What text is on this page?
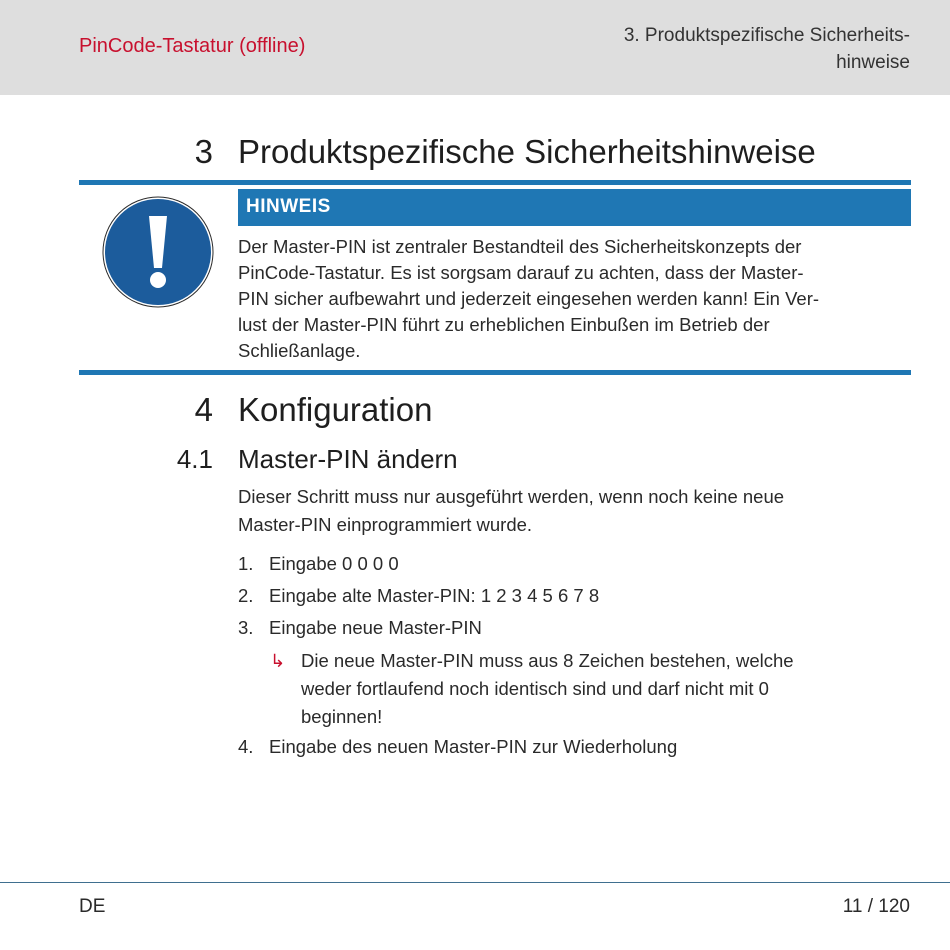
PinCode-Tastatur (offline)	3. Produktspezifische Sicherheits-
hinweise
3 Produktspezifische Sicherheitshinweise
HINWEIS
Der Master-PIN ist zentraler Bestandteil des Sicherheitskonzepts der
PinCode-Tastatur. Es ist sorgsam darauf zu achten, dass der Master-
PIN sicher aufbewahrt und jederzeit eingesehen werden kann! Ein Ver-
lust der Master-PIN führt zu erheblichen Einbußen im Betrieb der
Schließanlage.
4 Konfiguration
4.1 Master-PIN ändern
Dieser Schritt muss nur ausgeführt werden, wenn noch keine neue
Master-PIN einprogrammiert wurde.
1. Eingabe 0 0 0 0
2. Eingabe alte Master-PIN: 1 2 3 4 5 6 7 8
3. Eingabe neue Master-PIN
↳ Die neue Master-PIN muss aus 8 Zeichen bestehen, welche
weder fortlaufend noch identisch sind und darf nicht mit 0
beginnen!
4. Eingabe des neuen Master-PIN zur Wiederholung
DE	11 / 120
